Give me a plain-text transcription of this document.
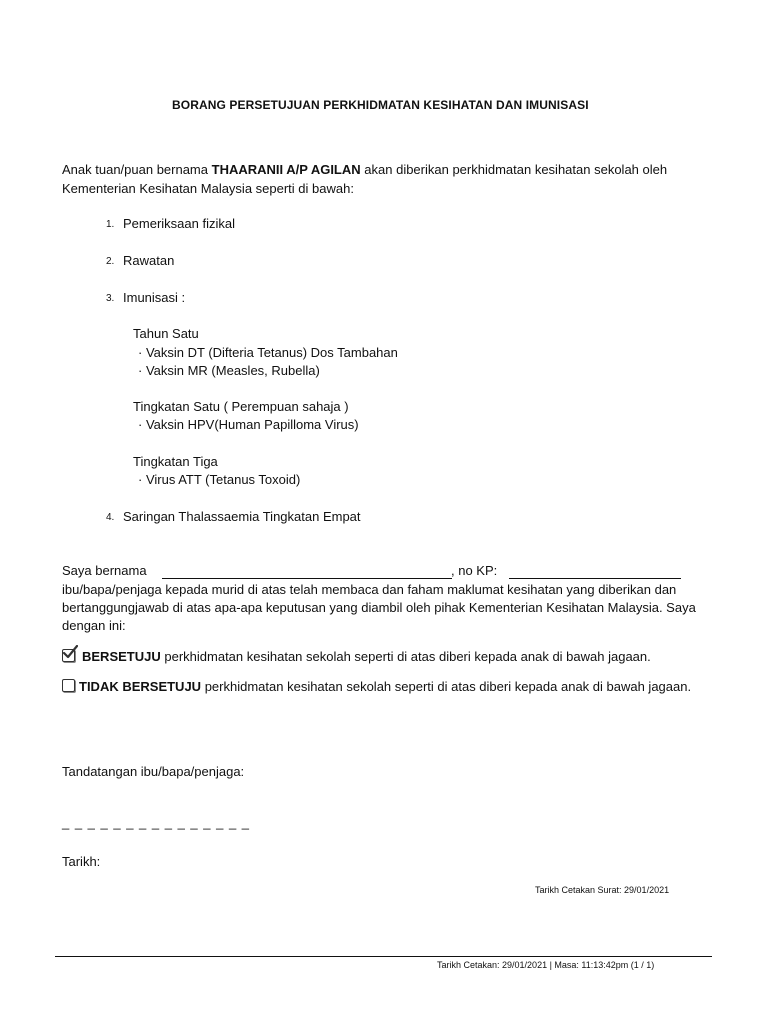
BORANG PERSETUJUAN PERKHIDMATAN KESIHATAN DAN IMUNISASI
Anak tuan/puan bernama THAARANII A/P AGILAN akan diberikan perkhidmatan kesihatan sekolah oleh
Kementerian Kesihatan Malaysia seperti di bawah:
1. Pemeriksaan fizikal
2. Rawatan
3. Imunisasi :
Tahun Satu
· Vaksin DT (Difteria Tetanus) Dos Tambahan
· Vaksin MR (Measles, Rubella)
Tingkatan Satu ( Perempuan sahaja )
· Vaksin HPV(Human Papilloma Virus)
Tingkatan Tiga
· Virus ATT (Tetanus Toxoid)
4. Saringan Thalassaemia Tingkatan Empat
Saya bernama	, no KP:
ibu/bapa/penjaga kepada murid di atas telah membaca dan faham maklumat kesihatan yang diberikan dan
bertanggungjawab di atas apa-apa keputusan yang diambil oleh pihak Kementerian Kesihatan Malaysia. Saya
dengan ini:
BERSETUJU perkhidmatan kesihatan sekolah seperti di atas diberi kepada anak di bawah jagaan.
TIDAK BERSETUJU perkhidmatan kesihatan sekolah seperti di atas diberi kepada anak di bawah jagaan.
Tandatangan ibu/bapa/penjaga:
_ _ _ _ _ _ _ _ _ _ _ _ _ _ _
Tarikh:
Tarikh Cetakan Surat: 29/01/2021
Tarikh Cetakan: 29/01/2021 | Masa: 11:13:42pm (1 / 1)
